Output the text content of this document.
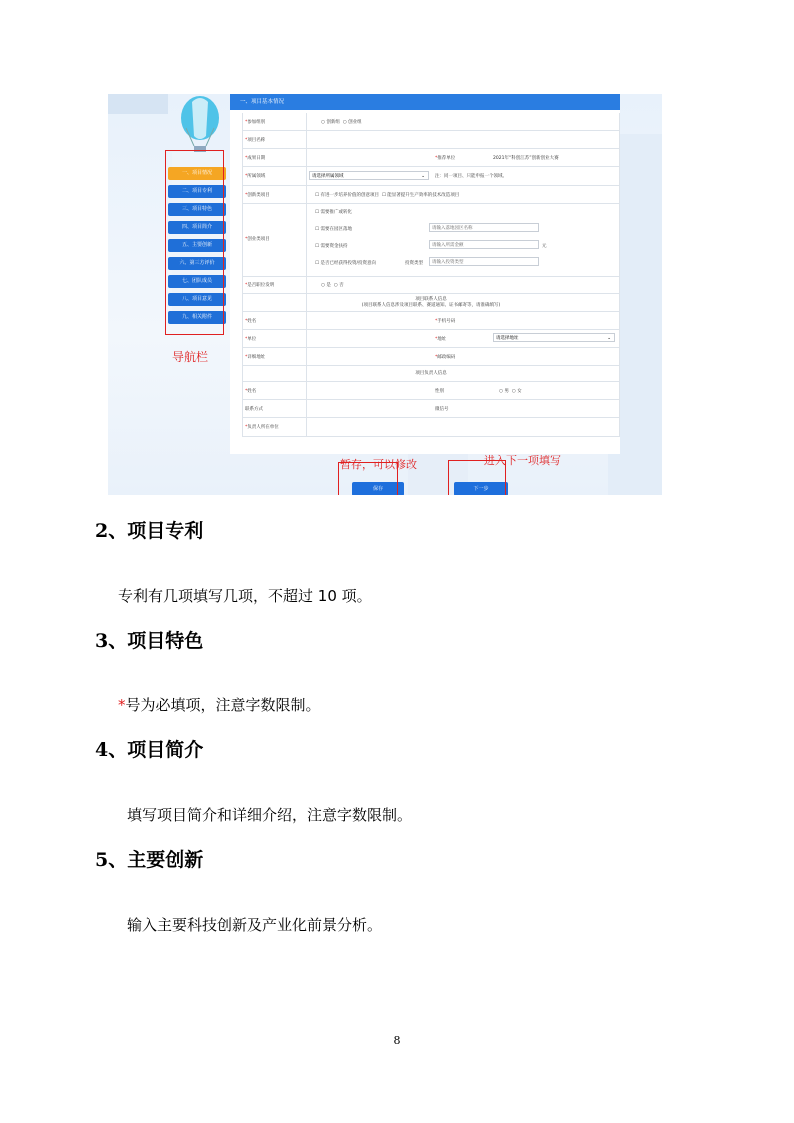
一、项目情况
二、项目专利
三、项目特色
四、项目简介
五、主要创新
六、第三方评价
七、团队成员
八、项目意见
九、相关附件
导航栏
一、项目基本情况
*参加组别	○ 创新组  ○ 创业组
*项目名称
*成果日期	*推荐单位	2021年“科创江苏”创新创业大赛
*所属领域	请选择所属领域	⌄ 注：同一项目、只能申报一个领域。
*创新类项目	☐ 有进一步培养价值的创意项目  ☐ 能显著提升生产效率的技术改造项目
*创业类项目
☐ 需要推广或转化
☐ 需要在园区落地	请输入落地园区名称
☐ 需要资金扶持	请输入所需金额	元
☐ 是否已经获得投资/投资意向	投资类型	请输入投资类型
*是否职位发明	○ 是  ○ 否
项目联系人信息
(项目联系人信息涉及项目联系、赛道通知、证书邮寄等，请准确填写)
*姓名	*手机号码
*单位	*地址	请选择地址	⌄
*详细地址	*邮政编码
项目负责人信息
*姓名	性别	○ 男  ○ 女
联系方式	微信号
*负责人所在单位
保存	下一步
暂存，可以修改	进入下一项填写
2、项目专利

专利有几项填写几项，不超过 10 项。

3、项目特色

*号为必填项，注意字数限制。

4、项目简介

填写项目简介和详细介绍，注意字数限制。

5、主要创新

输入主要科技创新及产业化前景分析。

8
